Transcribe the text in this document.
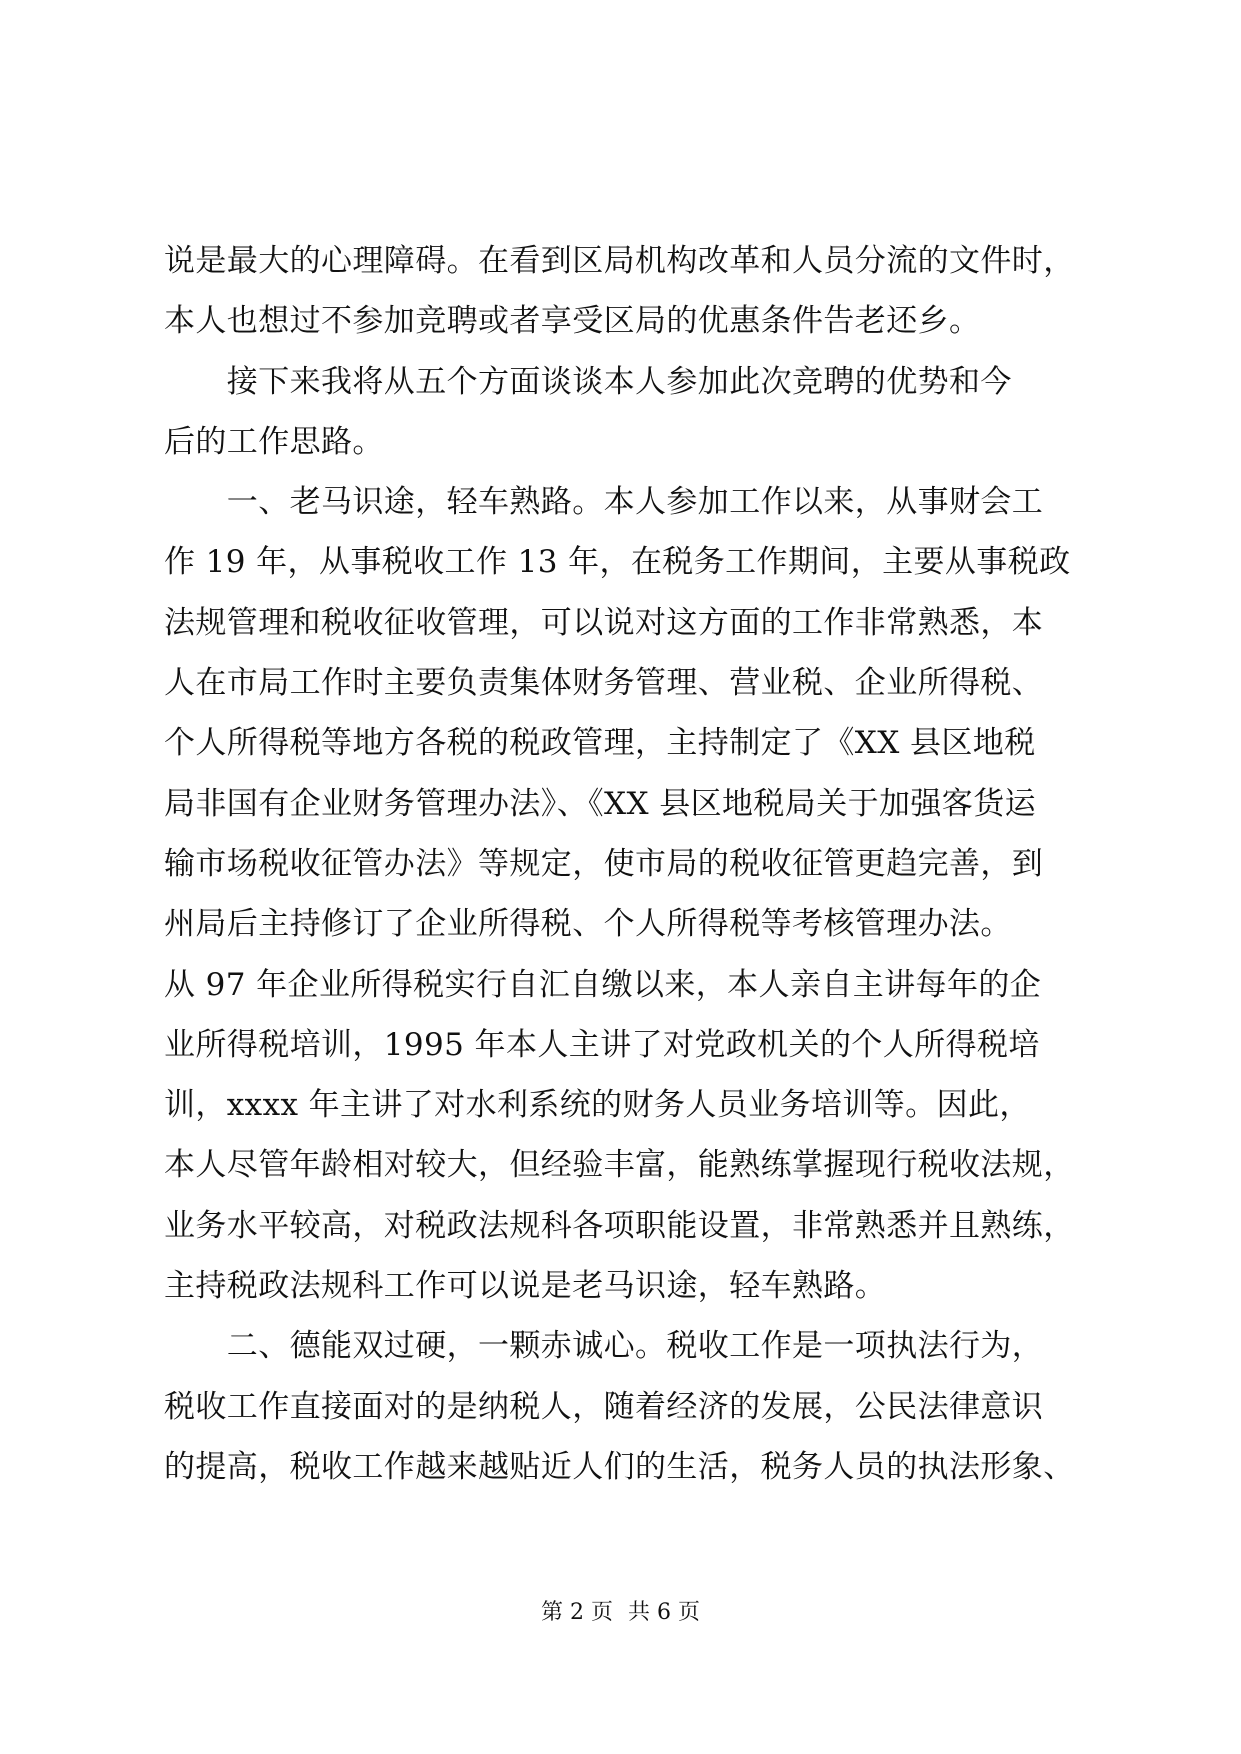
说是最大的心理障碍。在看到区局机构改革和人员分流的文件时，
本人也想过不参加竞聘或者享受区局的优惠条件告老还乡。
　　接下来我将从五个方面谈谈本人参加此次竞聘的优势和今
后的工作思路。
　　一、老马识途，轻车熟路。本人参加工作以来，从事财会工
作 19 年，从事税收工作 13 年，在税务工作期间，主要从事税政
法规管理和税收征收管理，可以说对这方面的工作非常熟悉，本
人在市局工作时主要负责集体财务管理、营业税、企业所得税、
个人所得税等地方各税的税政管理，主持制定了《XX 县区地税
局非国有企业财务管理办法》、《XX 县区地税局关于加强客货运
输市场税收征管办法》等规定，使市局的税收征管更趋完善，到
州局后主持修订了企业所得税、个人所得税等考核管理办法。
从 97 年企业所得税实行自汇自缴以来，本人亲自主讲每年的企
业所得税培训，1995 年本人主讲了对党政机关的个人所得税培
训，xxxx 年主讲了对水利系统的财务人员业务培训等。因此，
本人尽管年龄相对较大，但经验丰富，能熟练掌握现行税收法规，
业务水平较高，对税政法规科各项职能设置，非常熟悉并且熟练，
主持税政法规科工作可以说是老马识途，轻车熟路。
　　二、德能双过硬，一颗赤诚心。税收工作是一项执法行为，
税收工作直接面对的是纳税人，随着经济的发展，公民法律意识
的提高，税收工作越来越贴近人们的生活，税务人员的执法形象、
第 2 页 共 6 页
